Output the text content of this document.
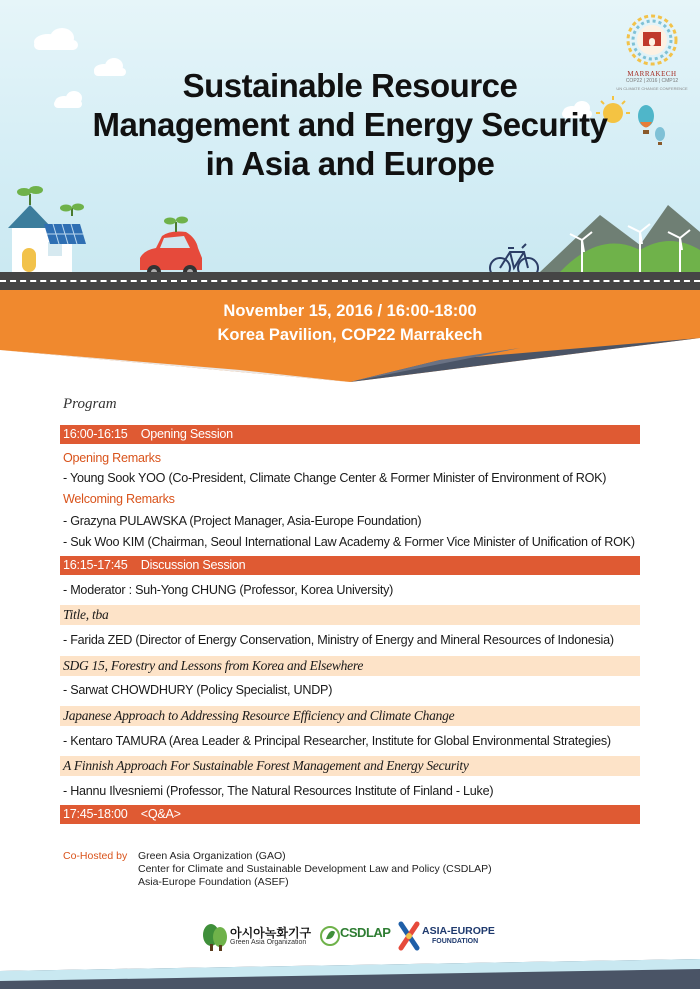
Sustainable Resource
Management and Energy Security
in Asia and Europe
MARRAKECH
COP22 | 2016 | CMP12
UN CLIMATE CHANGE CONFERENCE
November 15, 2016 / 16:00-18:00
Korea Pavilion, COP22 Marrakech
Program
16:00-16:15 Opening Session
Opening Remarks
- Young Sook YOO (Co-President, Climate Change Center & Former Minister of Environment of ROK)
Welcoming Remarks
- Grazyna PULAWSKA (Project Manager, Asia-Europe Foundation)
- Suk Woo KIM (Chairman, Seoul International Law Academy & Former Vice Minister of Unification of ROK)
16:15-17:45 Discussion Session
- Moderator : Suh-Yong CHUNG (Professor, Korea University)
Title, tba
- Farida ZED (Director of Energy Conservation, Ministry of Energy and Mineral Resources of Indonesia)
SDG 15, Forestry and Lessons from Korea and Elsewhere
- Sarwat CHOWDHURY (Policy Specialist, UNDP)
Japanese Approach to Addressing Resource Efficiency and Climate Change
- Kentaro TAMURA (Area Leader & Principal Researcher, Institute for Global Environmental Strategies)
A Finnish Approach For Sustainable Forest Management and Energy Security
- Hannu Ilvesniemi (Professor, The Natural Resources Institute of Finland - Luke)
17:45-18:00 <Q&A>
Co-Hosted by Green Asia Organization (GAO)
Center for Climate and Sustainable Development Law and Policy (CSDLAP)
Asia-Europe Foundation (ASEF)
아시아녹화기구
Green Asia Organization
CSDLAP	ASIA-EUROPE
FOUNDATION
